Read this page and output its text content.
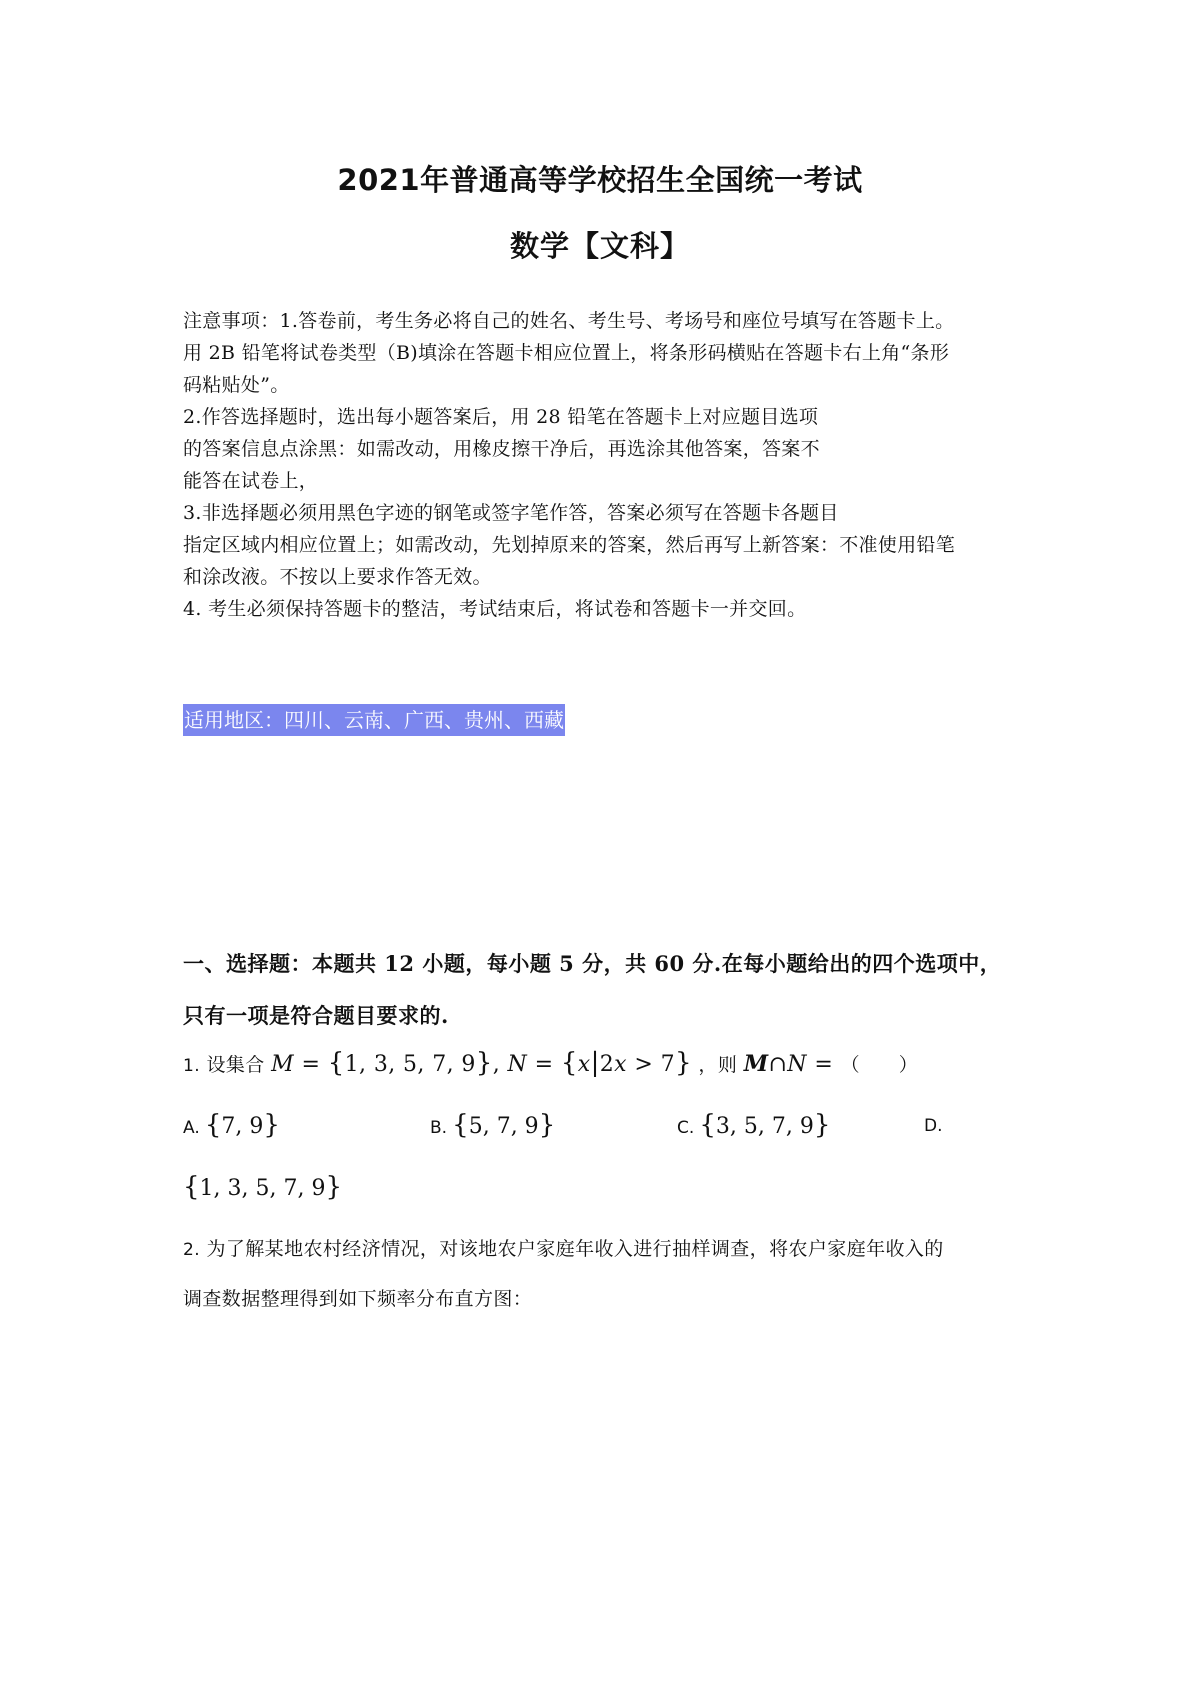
2021年普通高等学校招生全国统一考试
数学【文科】
注意事项：1.答卷前，考生务必将自己的姓名、考生号、考场号和座位号填写在答题卡上。
用 2B 铅笔将试卷类型（B)填涂在答题卡相应位置上，将条形码横贴在答题卡右上角“条形
码粘贴处”。
2.作答选择题时，选出每小题答案后，用 28 铅笔在答题卡上对应题目选项
的答案信息点涂黑：如需改动，用橡皮擦干净后，再选涂其他答案，答案不
能答在试卷上，
3.非选择题必须用黑色字迹的钢笔或签字笔作答，答案必须写在答题卡各题目
指定区域内相应位置上；如需改动，先划掉原来的答案，然后再写上新答案：不准使用铅笔
和涂改液。不按以上要求作答无效。
4. 考生必须保持答题卡的整洁，考试结束后，将试卷和答题卡一并交回。
适用地区：四川、云南、广西、贵州、西藏
一、选择题：本题共 12 小题，每小题 5 分，共 60 分.在每小题给出的四个选项中，
只有一项是符合题目要求的.
1. 设集合 M = {1, 3, 5, 7, 9}, N = {x|2x > 7} ，则 M∩N = （　　）
A. {7, 9}	B. {5, 7, 9}	C. {3, 5, 7, 9}	D.
{1, 3, 5, 7, 9}
2. 为了解某地农村经济情况，对该地农户家庭年收入进行抽样调查，将农户家庭年收入的
调查数据整理得到如下频率分布直方图：
